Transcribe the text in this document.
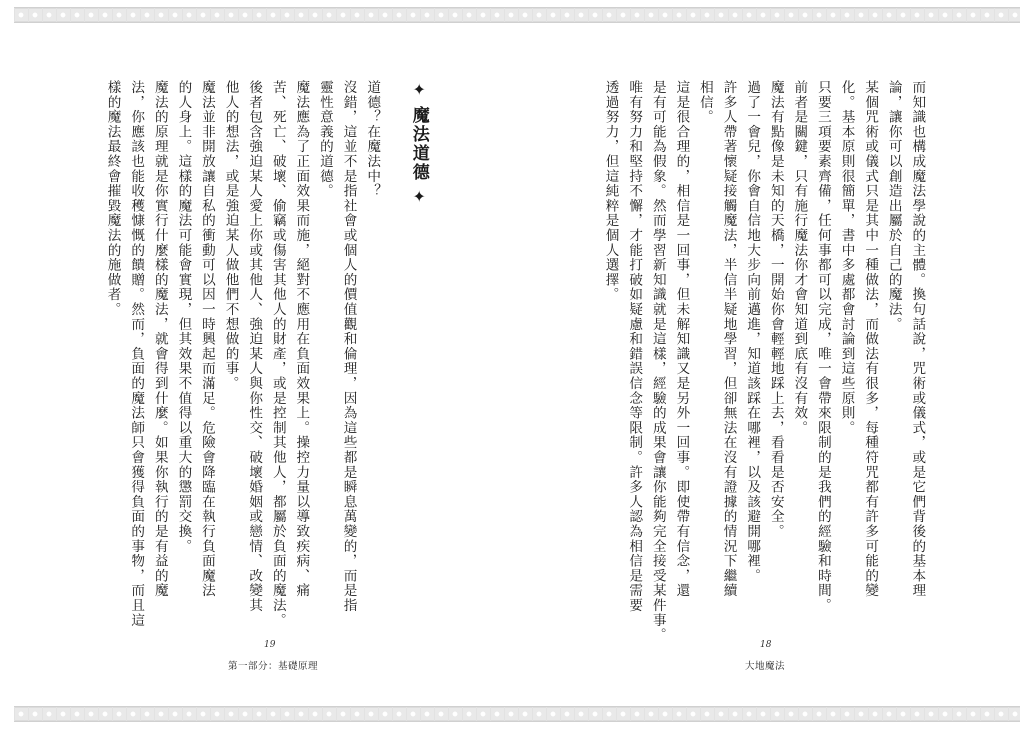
✦ 魔法道德 ✦
道德？在魔法中？
沒錯，這並不是指社會或個人的價值觀和倫理，因為這些都是瞬息萬變的，而是指
靈性意義的道德。
魔法應為了正面效果而施，絕對不應用在負面效果上。操控力量以導致疾病、痛
苦、死亡、破壞、偷竊或傷害其他人的財產，或是控制其他人，都屬於負面的魔法。
後者包含強迫某人愛上你或其他人、強迫某人與你性交、破壞婚姻或戀情、改變其
他人的想法，或是強迫某人做他們不想做的事。
魔法並非開放讓自私的衝動可以因一時興起而滿足。危險會降臨在執行負面魔法
的人身上。這樣的魔法可能會實現，但其效果不值得以重大的懲罰交換。
魔法的原理就是你實行什麼樣的魔法，就會得到什麼。如果你執行的是有益的魔
法，你應該也能收穫慷慨的饋贈。然而，負面的魔法師只會獲得負面的事物，而且這
樣的魔法最終會摧毀魔法的施做者。	而知識也構成魔法學說的主體。換句話說，咒術或儀式，或是它們背後的基本理
論，讓你可以創造出屬於自己的魔法。
某個咒術或儀式只是其中一種做法，而做法有很多，每種符咒都有許多可能的變
化。基本原則很簡單，書中多處都會討論到這些原則。
只要三項要素齊備，任何事都可以完成，唯一會帶來限制的是我們的經驗和時間。
前者是關鍵，只有施行魔法你才會知道到底有沒有效。
魔法有點像是未知的天橋，一開始你會輕輕地踩上去，看看是否安全。
過了一會兒，你會自信地大步向前邁進，知道該踩在哪裡，以及該避開哪裡。
許多人帶著懷疑接觸魔法，半信半疑地學習，但卻無法在沒有證據的情況下繼續
相信。
這是很合理的，相信是一回事，但未解知識又是另外一回事。即使帶有信念，還
是有可能為假象。然而學習新知識就是這樣，經驗的成果會讓你能夠完全接受某件事。
唯有努力和堅持不懈，才能打破如疑慮和錯誤信念等限制。許多人認為相信是需要
透過努力，但這純粹是個人選擇。
19
第一部分：基礎原理
18
大地魔法
